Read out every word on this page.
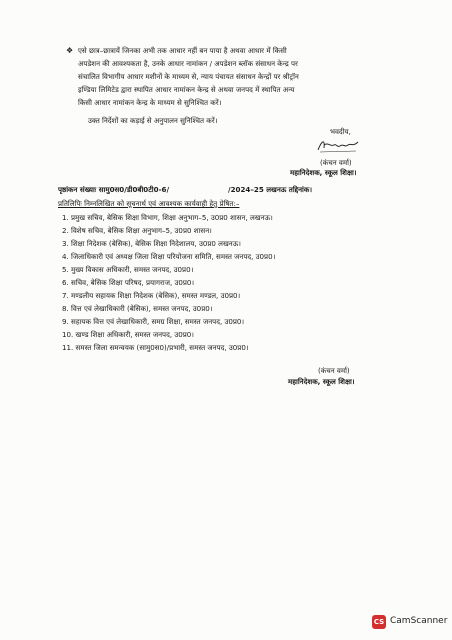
❖ एसे छात्र–छात्रायें जिनका अभी तक आधार नहीं बन पाया है अथवा आधार में किसी
अपडेशन की आवश्यकता है, उनके आधार नामांकन / अपडेशन ब्लॉक संसाधन केन्द्र पर
संचालित विभागीय आधार मशीनों के माध्यम से, न्याय पंचायत संसाधन केन्द्रों पर श्रीट्रॉन
इण्डिया लिमिटेड द्वारा स्थापित आधार नामांकन केन्द्र से अथवा जनपद में स्थापित अन्य
किसी आधार नामांकन केन्द्र के माध्यम से सुनिश्चित करें।
उक्त निर्देशों का कड़ाई से अनुपालन सुनिश्चित करें।
भवदीय,
(कंचन वर्मा)
महानिदेशक, स्कूल शिक्षा।
पृष्ठांकन संख्याः सामु0स0/डी0बी0टी0-6/	/2024–25 लखनऊ तद्दिनांक।
प्रतिलिपिः निम्नलिखित को सूचनार्थ एवं आवश्यक कार्यवाही हेतु प्रेषित:–
1. प्रमुख सचिव, बेसिक शिक्षा विभाग, शिक्षा अनुभाग–5, उ0प्र0 शासन, लखनऊ।
2. विशेष सचिव, बेसिक शिक्षा अनुभाग–5, उ0प्र0 शासन।
3. शिक्षा निदेशक (बेसिक), बेसिक शिक्षा निदेशालय, उ0प्र0 लखनऊ।
4. जिलाधिकारी एवं अध्यक्ष जिला शिक्षा परियोजना समिति, समस्त जनपद, उ0प्र0।
5. मुख्य विकास अधिकारी, समस्त जनपद, उ0प्र0।
6. सचिव, बेसिक शिक्षा परिषद, प्रयागराज, उ0प्र0।
7. मण्डलीय सहायक शिक्षा निदेशक (बेसिक), समस्त मण्डल, उ0प्र0।
8. वित्त एवं लेखाधिकारी (बेसिक), समस्त जनपद, उ0प्र0।
9. सहायक वित्त एवं लेखाधिकारी, समग्र शिक्षा, समस्त जनपद, उ0प्र0।
10. खण्ड शिक्षा अधिकारी, समस्त जनपद, उ0प्र0।
11. समस्त जिला समन्वयक (सामु0स0)/प्रभारी, समस्त जनपद, उ0प्र0।
(कंचन वर्मा)
महानिदेशक, स्कूल शिक्षा।
CS CamScanner
